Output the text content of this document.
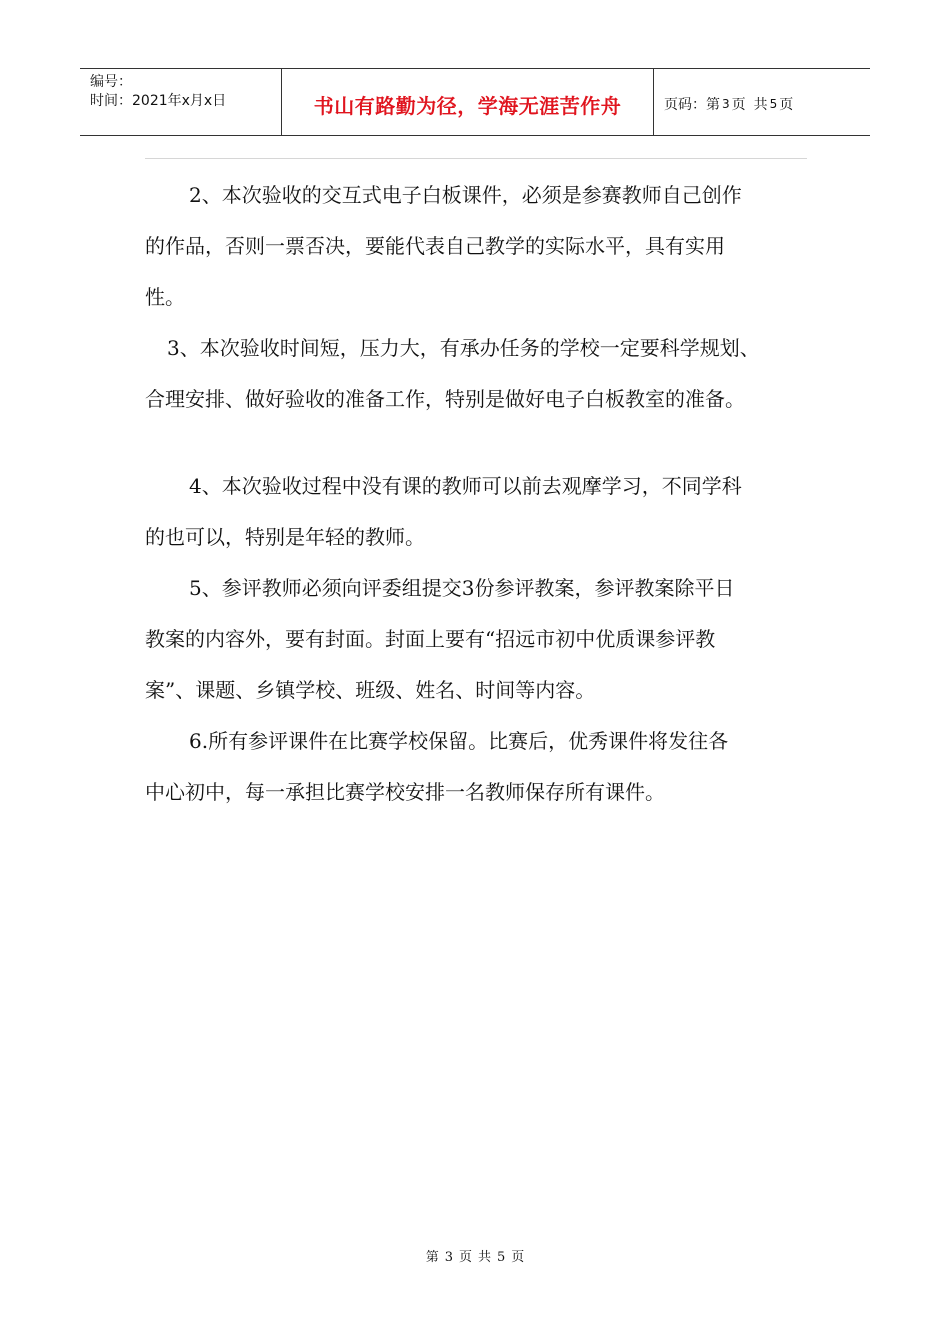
编号：
时间：2021年x月x日	书山有路勤为径，学海无涯苦作舟	页码：第 3 页 共 5 页
2、本次验收的交互式电子白板课件，必须是参赛教师自己创作
的作品，否则一票否决，要能代表自己教学的实际水平，具有实用
性。
3、本次验收时间短，压力大，有承办任务的学校一定要科学规划、
合理安排、做好验收的准备工作，特别是做好电子白板教室的准备。
4、本次验收过程中没有课的教师可以前去观摩学习，不同学科
的也可以，特别是年轻的教师。
5、参评教师必须向评委组提交3份参评教案，参评教案除平日
教案的内容外，要有封面。封面上要有“招远市初中优质课参评教
案”、课题、乡镇学校、班级、姓名、时间等内容。
6.所有参评课件在比赛学校保留。比赛后，优秀课件将发往各
中心初中，每一承担比赛学校安排一名教师保存所有课件。
第 3 页 共 5 页
